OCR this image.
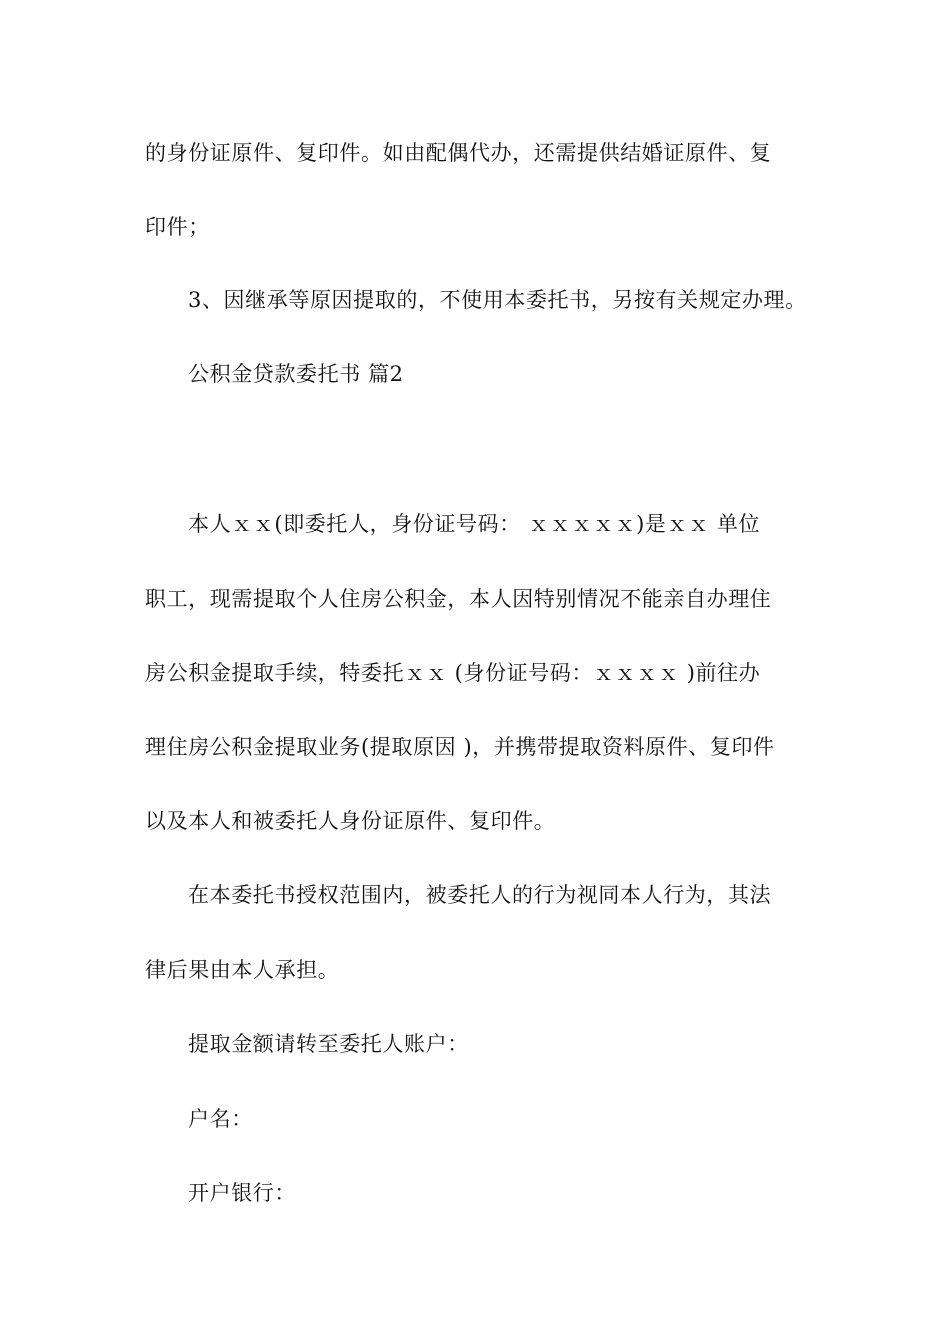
的身份证原件、复印件。如由配偶代办，还需提供结婚证原件、复
印件；
3、因继承等原因提取的，不使用本委托书，另按有关规定办理。
公积金贷款委托书 篇2
本人ｘｘ(即委托人，身份证号码： ｘｘｘｘｘ)是ｘｘ 单位
职工，现需提取个人住房公积金，本人因特别情况不能亲自办理住
房公积金提取手续，特委托ｘｘ (身份证号码：ｘｘｘｘ )前往办
理住房公积金提取业务(提取原因 )，并携带提取资料原件、复印件
以及本人和被委托人身份证原件、复印件。
在本委托书授权范围内，被委托人的行为视同本人行为，其法
律后果由本人承担。
提取金额请转至委托人账户：
户名：
开户银行：
